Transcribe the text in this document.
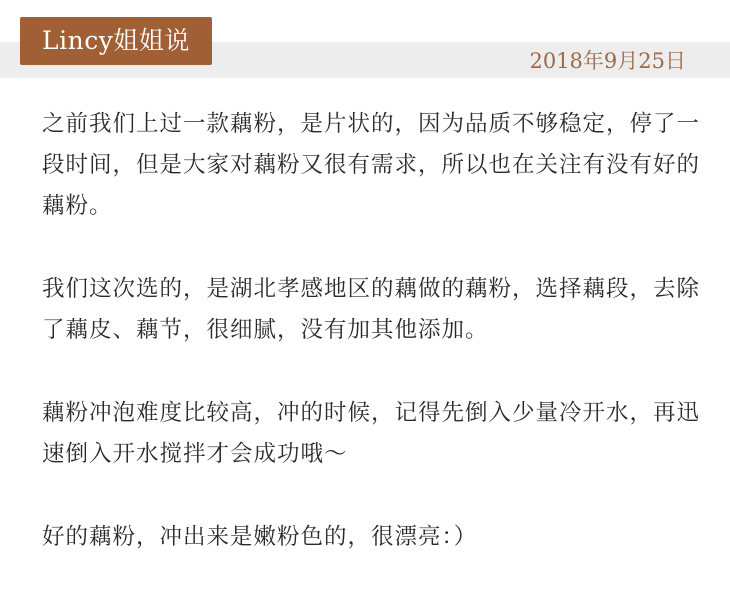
Lincy姐姐说
2018年9月25日

之前我们上过一款藕粉，是片状的，因为品质不够稳定，停了一段时间，但是大家对藕粉又很有需求，所以也在关注有没有好的藕粉。

我们这次选的，是湖北孝感地区的藕做的藕粉，选择藕段，去除了藕皮、藕节，很细腻，没有加其他添加。

藕粉冲泡难度比较高，冲的时候，记得先倒入少量冷开水，再迅速倒入开水搅拌才会成功哦～

好的藕粉，冲出来是嫩粉色的，很漂亮：）
